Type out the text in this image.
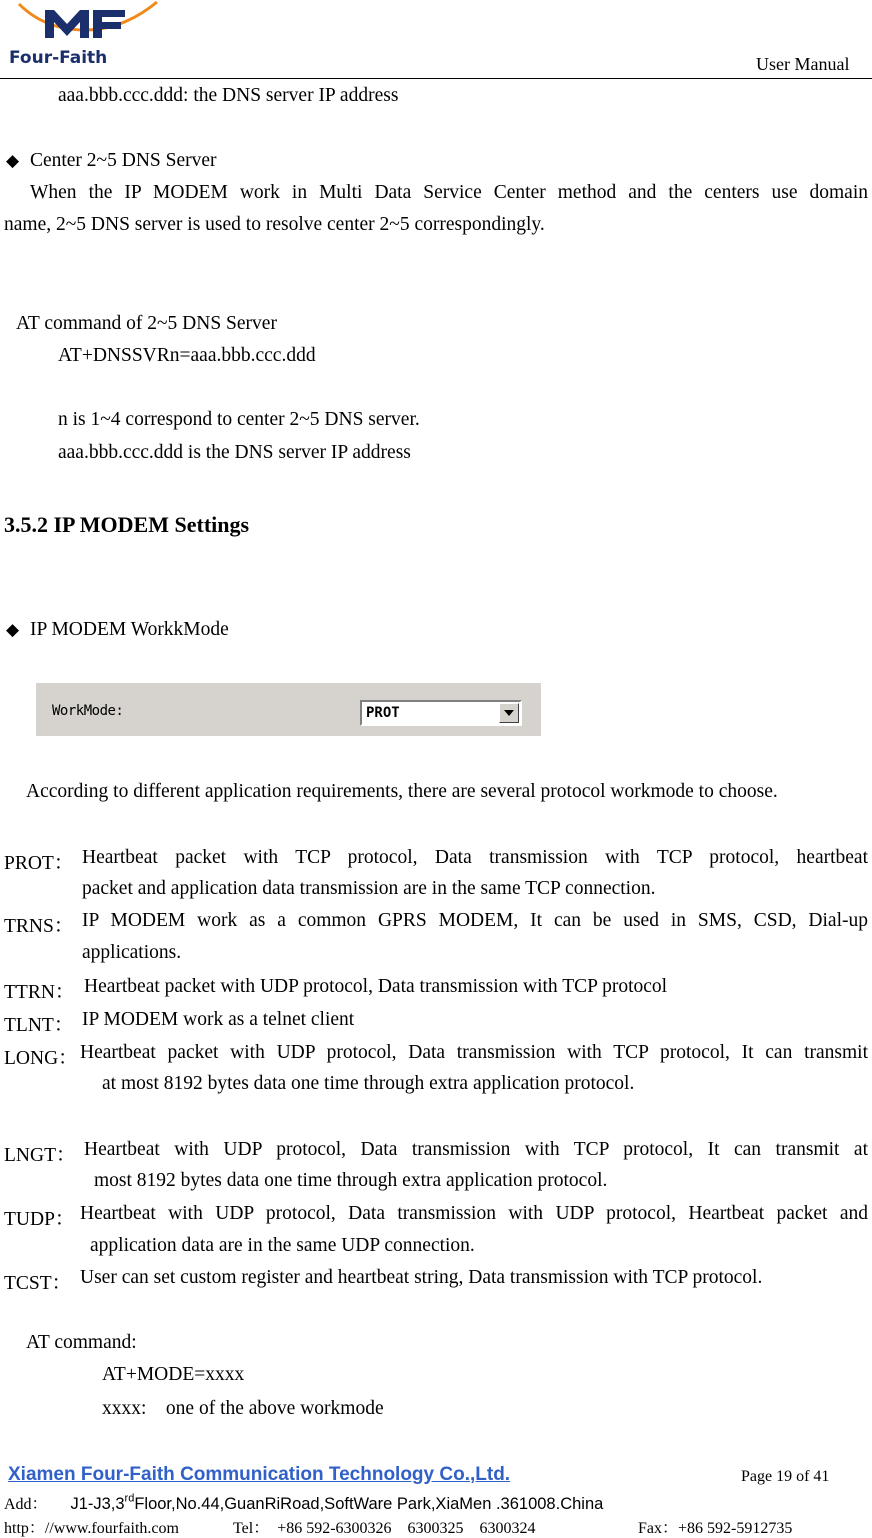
Four-Faith	User Manual
aaa.bbb.ccc.ddd: the DNS server IP address
◆ Center 2~5 DNS Server
When the IP MODEM work in Multi Data Service Center method and the centers use domain
name, 2~5 DNS server is used to resolve center 2~5 correspondingly.
AT command of 2~5 DNS Server
AT+DNSSVRn=aaa.bbb.ccc.ddd
n is 1~4 correspond to center 2~5 DNS server.
aaa.bbb.ccc.ddd is the DNS server IP address
3.5.2 IP MODEM Settings
◆ IP MODEM WorkkMode
WorkMode:	PROT
According to different application requirements, there are several protocol workmode to choose.
PROT： Heartbeat packet with TCP protocol, Data transmission with TCP protocol, heartbeat
packet and application data transmission are in the same TCP connection.
TRNS： IP MODEM work as a common GPRS MODEM, It can be used in SMS, CSD, Dial-up
applications.
TTRN： Heartbeat packet with UDP protocol, Data transmission with TCP protocol
TLNT： IP MODEM work as a telnet client
LONG： Heartbeat packet with UDP protocol, Data transmission with TCP protocol, It can transmit
at most 8192 bytes data one time through extra application protocol.
LNGT： Heartbeat with UDP protocol, Data transmission with TCP protocol, It can transmit at
most 8192 bytes data one time through extra application protocol.
TUDP： Heartbeat with UDP protocol, Data transmission with UDP protocol, Heartbeat packet and
application data are in the same UDP connection.
TCST： User can set custom register and heartbeat string, Data transmission with TCP protocol.
AT command:
AT+MODE=xxxx
xxxx:    one of the above workmode
Xiamen Four-Faith Communication Technology Co.,Ltd.	Page 19 of 41
Add： J1-J3,3rdFloor,No.44,GuanRiRoad,SoftWare Park,XiaMen .361008.China
http：//www.fourfaith.com	Tel：  +86 592-6300326    6300325    6300324	Fax：+86 592-5912735
